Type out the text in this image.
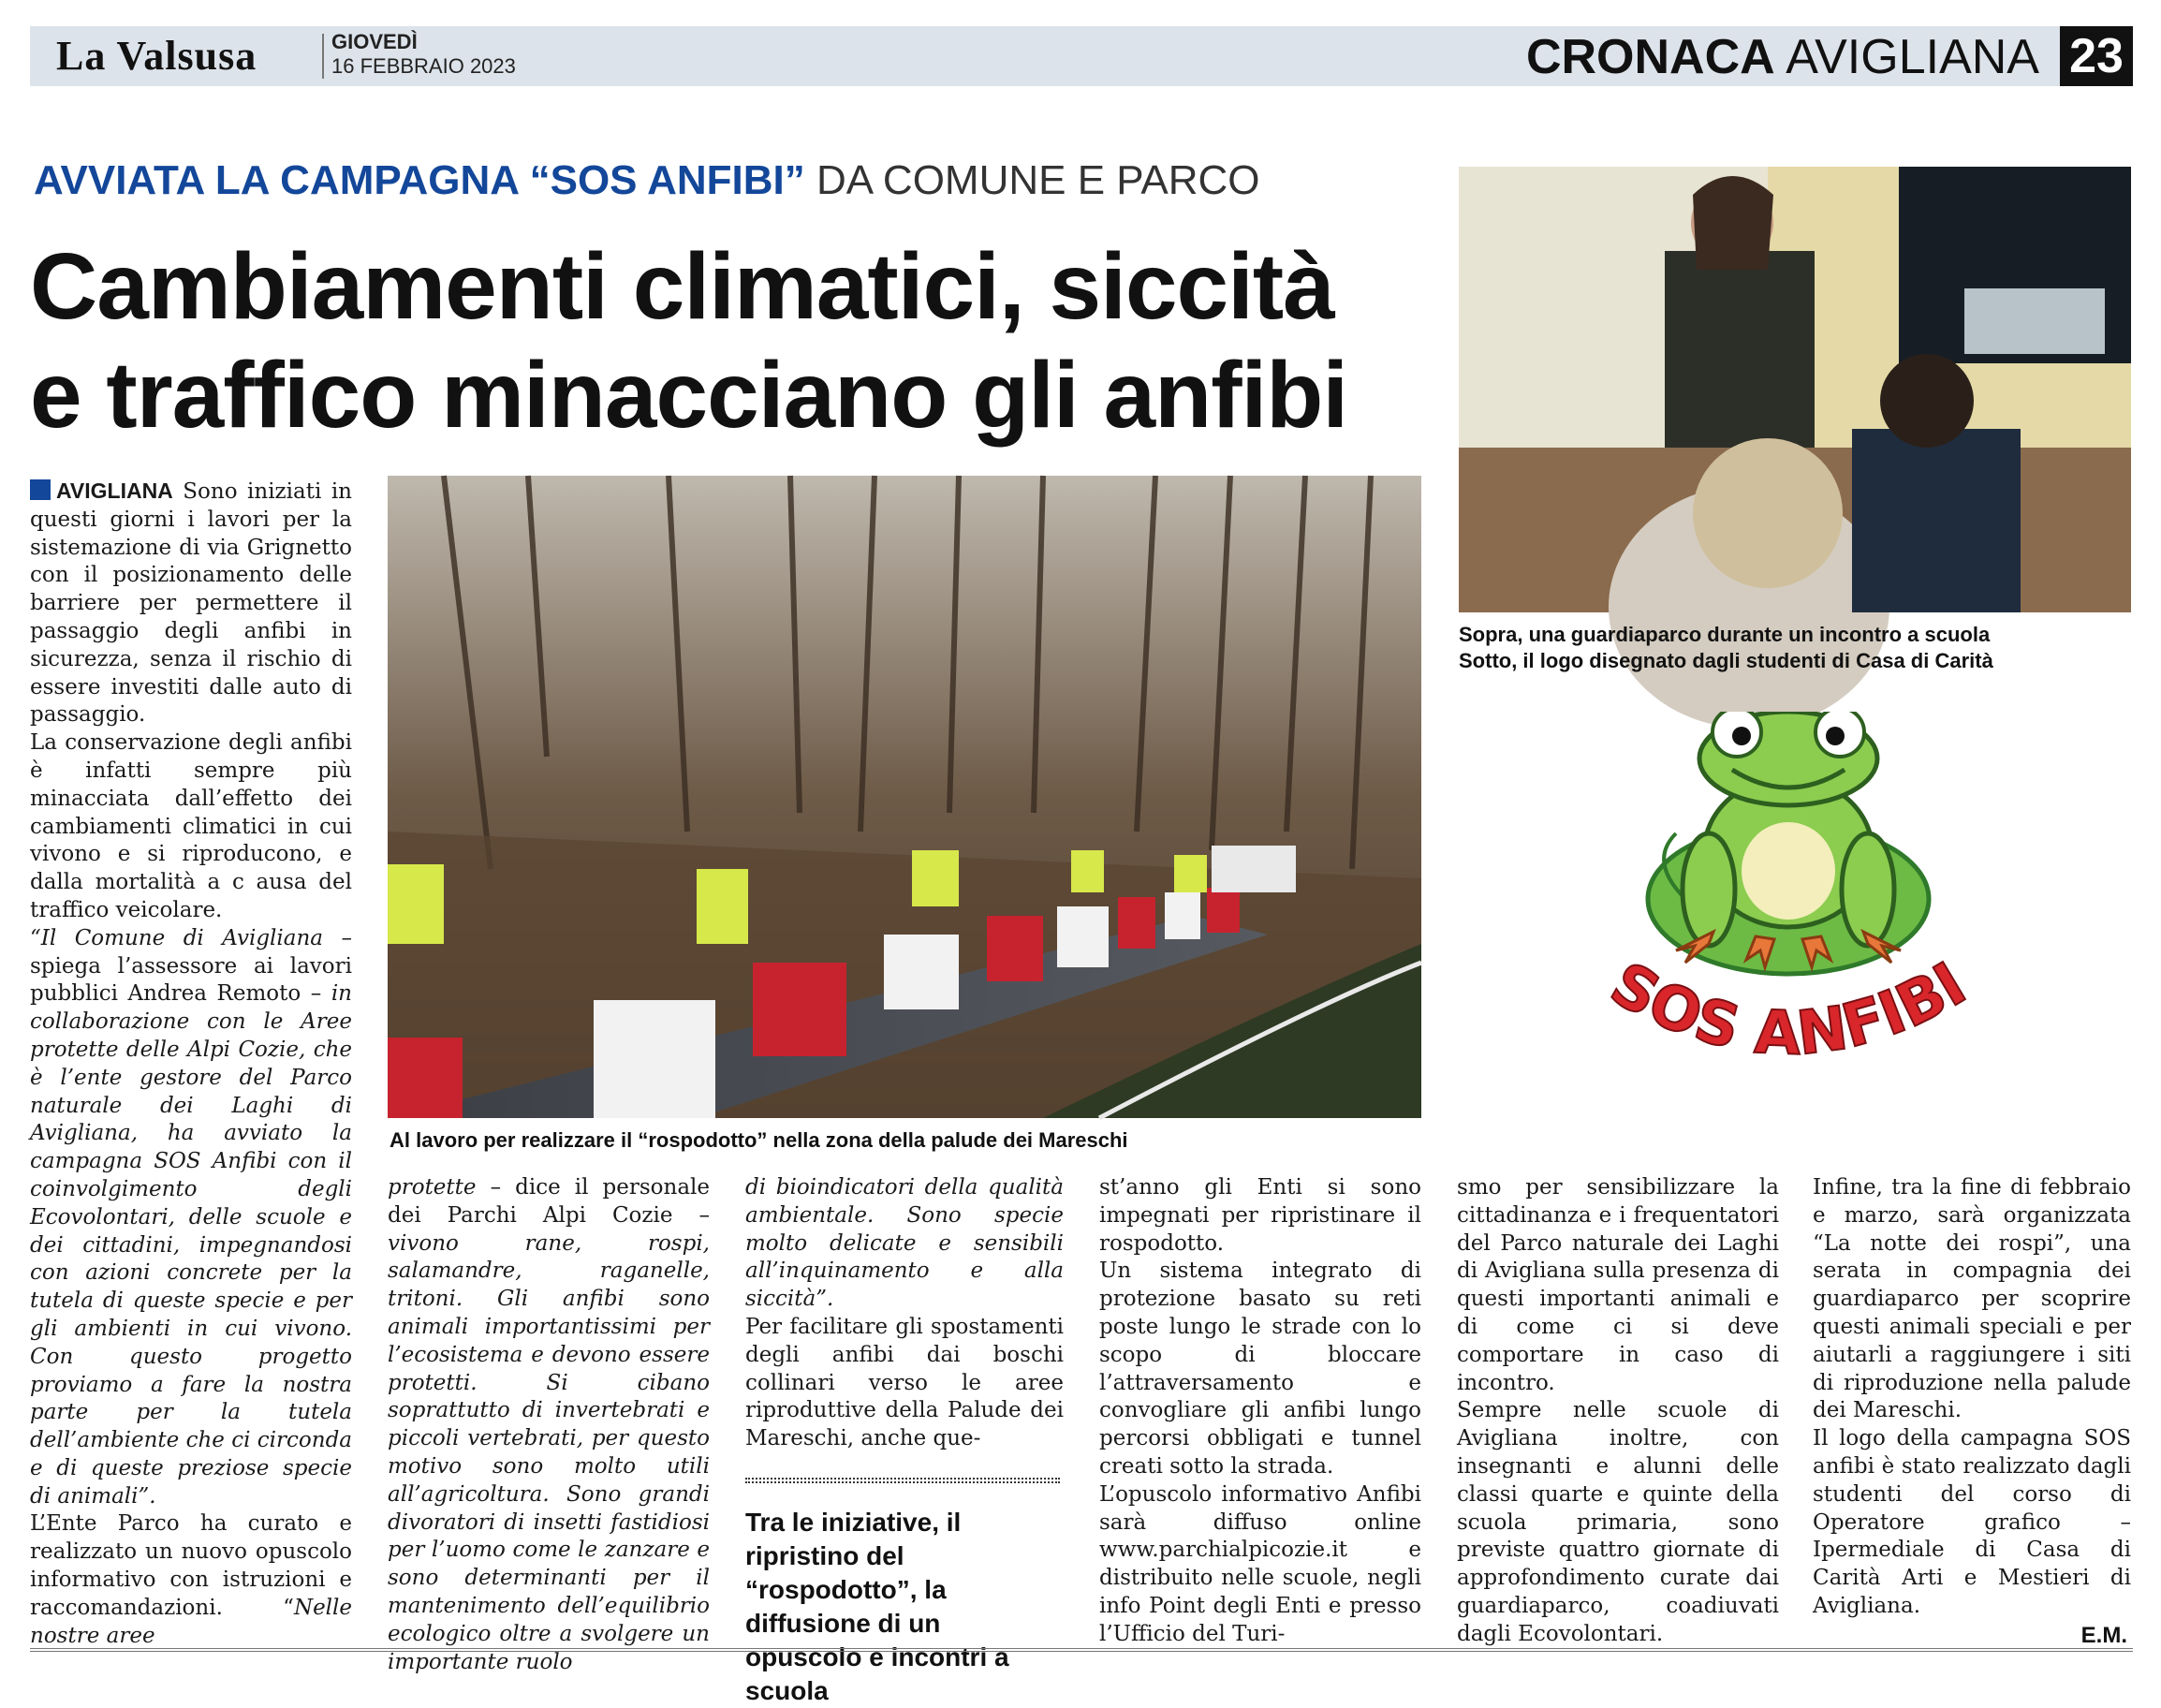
La Valsusa	GIOVEDÌ
16 FEBBRAIO 2023	CRONACA AVIGLIANA 23
AVVIATA LA CAMPAGNA “SOS ANFIBI” DA COMUNE E PARCO
Cambiamenti climatici, siccità
e traffico minacciano gli anfibi

AVIGLIANA Sono iniziati in questi giorni i lavori per la sistemazione di via Grignetto con il posizionamento delle barriere per permettere il passaggio degli anfibi in sicurezza, senza il rischio di essere investiti dalle auto di passaggio.

La conservazione degli anfibi è infatti sempre più minacciata dall’effetto dei cambiamenti climatici in cui vivono e si riproducono, e dalla mortalità a c ausa del traffico veicolare.

“Il Comune di Avigliana – spiega l’assessore ai lavori pubblici Andrea Remoto – in collaborazione con le Aree protette delle Alpi Cozie, che è l’ente gestore del Parco naturale dei Laghi di Avigliana, ha avviato la campagna SOS Anfibi con il coinvolgimento degli Ecovolontari, delle scuole e dei cittadini, impegnandosi con azioni concrete per la tutela di queste specie e per gli ambienti in cui vivono. Con questo progetto proviamo a fare la nostra parte per la tutela dell’ambiente che ci circonda e di queste preziose specie di animali”.

L’Ente Parco ha curato e realizzato un nuovo opuscolo informativo con istruzioni e raccomandazioni. “Nelle nostre aree

Al lavoro per realizzare il “rospodotto” nella zona della palude dei Mareschi
Sopra, una guardiaparco durante un incontro a scuola
Sotto, il logo disegnato dagli studenti di Casa di Carità
SOS ANFIBI

protette – dice il personale dei Parchi Alpi Cozie – vivono rane, rospi, salamandre, raganelle, tritoni. Gli anfibi sono animali importantissimi per l’ecosistema e devono essere protetti. Si cibano soprattutto di invertebrati e piccoli vertebrati, per questo motivo sono molto utili all’agricoltura. Sono grandi divoratori di insetti fastidiosi per l’uomo come le zanzare e sono determinanti per il mantenimento dell’equilibrio ecologico oltre a svolgere un importante ruolo

di bioindicatori della qualità ambientale. Sono specie molto delicate e sensibili all’inquinamento e alla siccità”.

Per facilitare gli spostamenti degli anfibi dai boschi collinari verso le aree riproduttive della Palude dei Mareschi, anche que-

Tra le iniziative, il ripristino del “rospodotto”, la diffusione di un opuscolo e incontri a scuola

st’anno gli Enti si sono impegnati per ripristinare il rospodotto.

Un sistema integrato di protezione basato su reti poste lungo le strade con lo scopo di bloccare l’attraversamento e convogliare gli anfibi lungo percorsi obbligati e tunnel creati sotto la strada.

L’opuscolo informativo Anfibi sarà diffuso online www.parchialpicozie.it e distribuito nelle scuole, negli info Point degli Enti e presso l’Ufficio del Turi-

smo per sensibilizzare la cittadinanza e i frequentatori del Parco naturale dei Laghi di Avigliana sulla presenza di questi importanti animali e di come ci si deve comportare in caso di incontro.

Sempre nelle scuole di Avigliana inoltre, con insegnanti e alunni delle classi quarte e quinte della scuola primaria, sono previste quattro giornate di approfondimento curate dai guardiaparco, coadiuvati dagli Ecovolontari.

Infine, tra la fine di febbraio e marzo, sarà organizzata “La notte dei rospi”, una serata in compagnia dei guardiaparco per scoprire questi animali speciali e per aiutarli a raggiungere i siti di riproduzione nella palude dei Mareschi.

Il logo della campagna SOS anfibi è stato realizzato dagli studenti del corso di Operatore grafico – Ipermediale di Casa di Carità Arti e Mestieri di Avigliana.

E.M.
